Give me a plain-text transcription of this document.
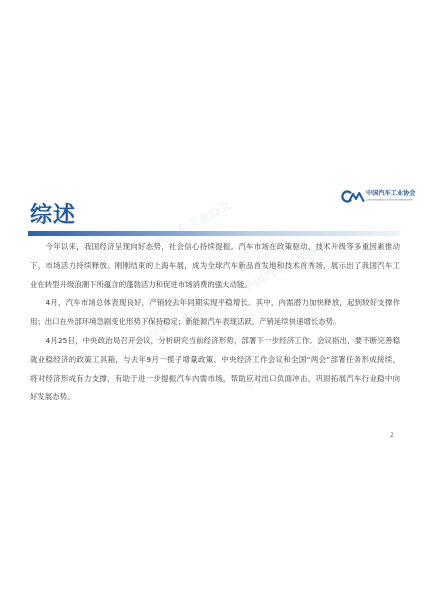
中国汽车工业协会
中国汽车工业协会
中国汽车工业协会
中国汽车工业协会
中国汽车工业协会
China Association of Automobile Manufacturers
综述
今年以来，我国经济呈现向好态势，社会信心持续提振。汽车市场在政策驱动、技术升级等多重因素推动
下，市场活力持续释放。刚刚结束的上海车展，成为全球汽车新品首发地和技术首秀场，展示出了我国汽车工
业在转型升级浪潮下所蕴含的蓬勃活力和促进市场消费的强大动能。
4月，汽车市场总体表现良好，产销较去年同期实现平稳增长。其中，内需潜力加快释放，起到较好支撑作
用；出口在外部环境急剧变化形势下保持稳定；新能源汽车表现活跃，产销延续快速增长态势。
4月25日，中央政治局召开会议，分析研究当前经济形势，部署下一步经济工作。会议指出，要不断完善稳
就业稳经济的政策工具箱，与去年9月一揽子增量政策、中央经济工作会议和全国“两会”部署任务形成接续，
将对经济形成有力支撑，有助于进一步提振汽车内需市场，帮助应对出口负面冲击，巩固拓展汽车行业稳中向
好发展态势。
2
